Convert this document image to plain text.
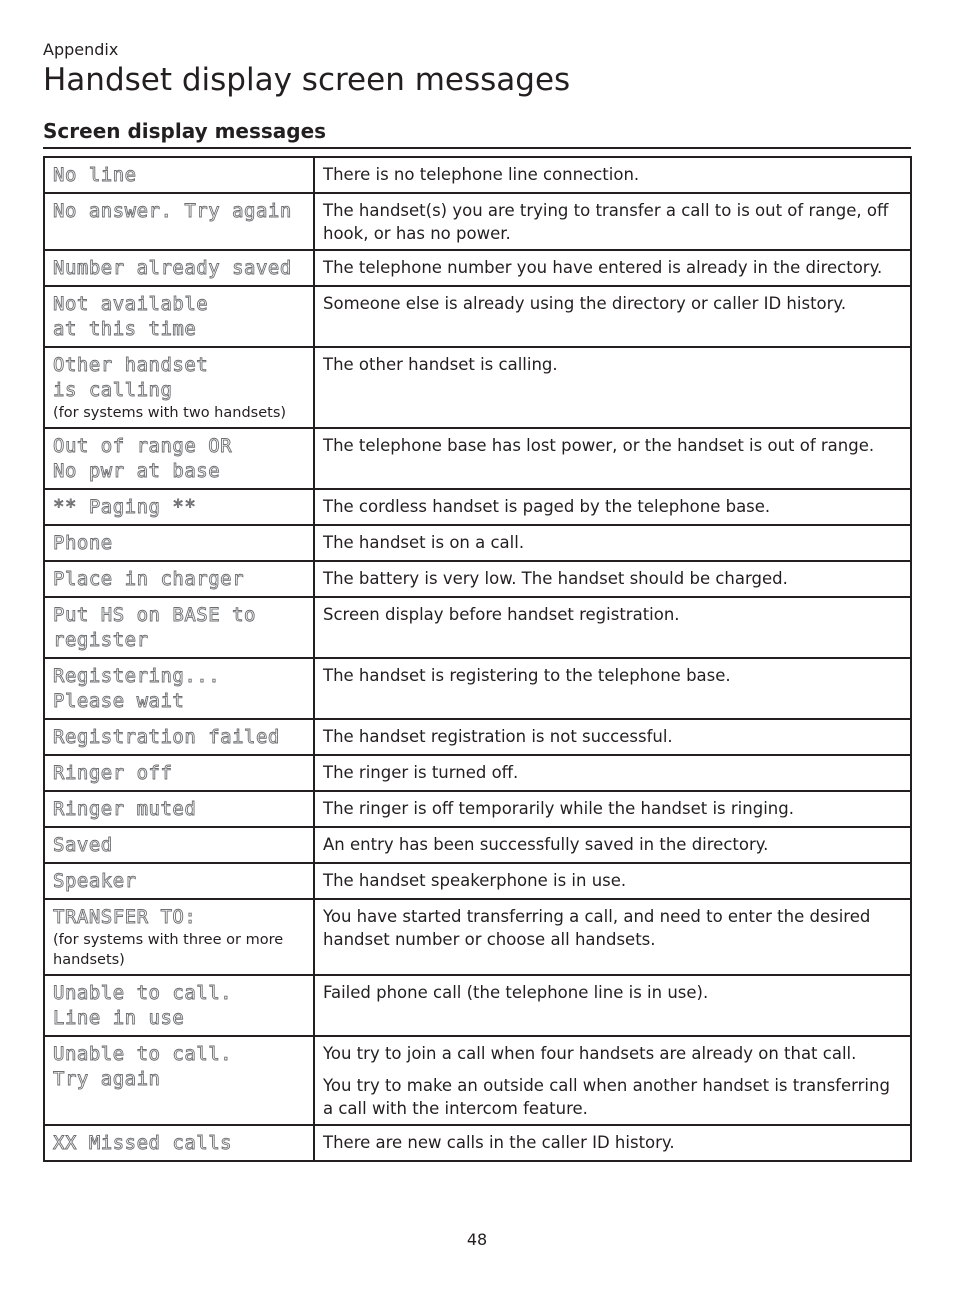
Appendix
Handset display screen messages
Screen display messages
No line	There is no telephone line connection.

No answer. Try again	The handset(s) you are trying to transfer a call to is out of range, off hook, or has no power.

Number already saved	The telephone number you have entered is already in the directory.

Not available
at this time	Someone else is already using the directory or caller ID history.

Other handset
is calling
(for systems with two handsets)	The other handset is calling.

Out of range OR
No pwr at base	The telephone base has lost power, or the handset is out of range.

** Paging **	The cordless handset is paged by the telephone base.

Phone	The handset is on a call.

Place in charger	The battery is very low. The handset should be charged.

Put HS on BASE to
register	Screen display before handset registration.

Registering...
Please wait	The handset is registering to the telephone base.

Registration failed	The handset registration is not successful.

Ringer off	The ringer is turned off.

Ringer muted	The ringer is off temporarily while the handset is ringing.

Saved	An entry has been successfully saved in the directory.

Speaker	The handset speakerphone is in use.

TRANSFER TO:
(for systems with three or more handsets)	You have started transferring a call, and need to enter the desired handset number or choose all handsets.

Unable to call.
Line in use	Failed phone call (the telephone line is in use).

Unable to call.
Try again	You try to join a call when four handsets are already on that call.
You try to make an outside call when another handset is transferring a call with the intercom feature.

XX Missed calls	There are new calls in the caller ID history.
48
